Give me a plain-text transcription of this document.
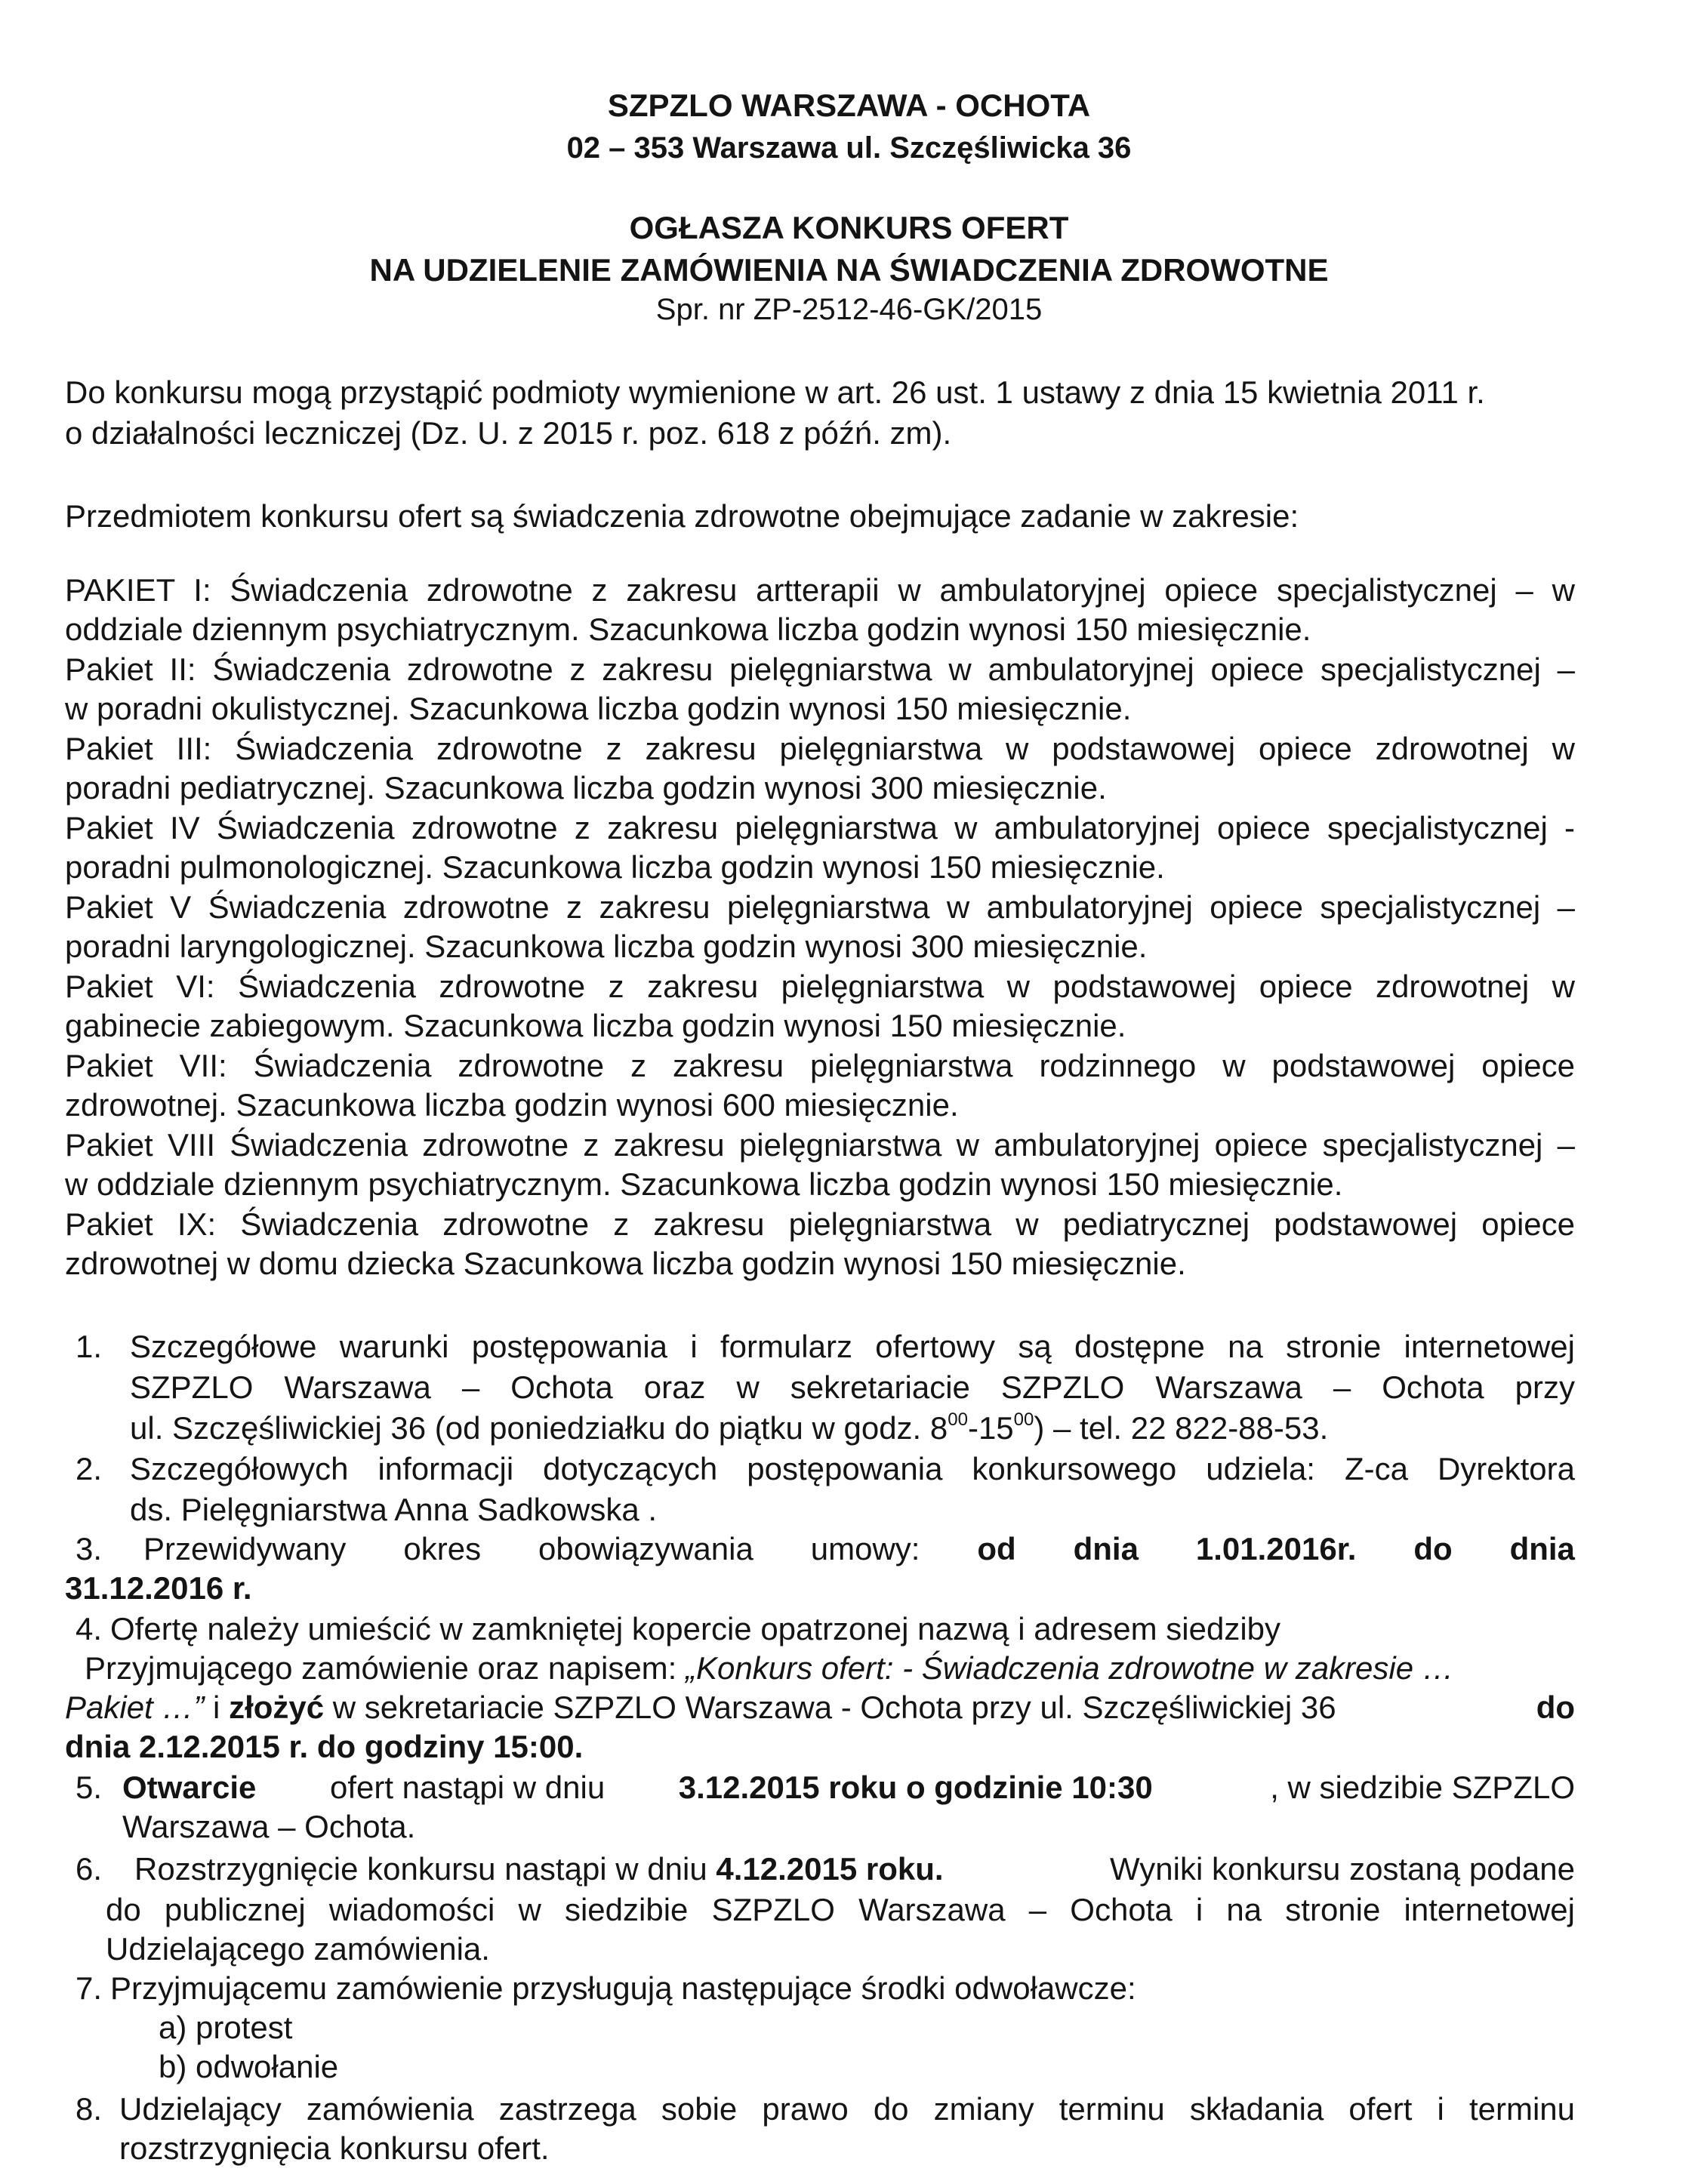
SZPZLO WARSZAWA - OCHOTA
02 – 353 Warszawa ul. Szczęśliwicka 36
OGŁASZA KONKURS OFERT
NA UDZIELENIE ZAMÓWIENIA NA ŚWIADCZENIA ZDROWOTNE
Spr. nr ZP-2512-46-GK/2015
Do konkursu mogą przystąpić podmioty wymienione w art. 26 ust. 1 ustawy z dnia 15 kwietnia 2011 r.
o działalności leczniczej (Dz. U. z 2015 r. poz. 618 z późń. zm).
Przedmiotem konkursu ofert są świadczenia zdrowotne obejmujące zadanie w zakresie:
PAKIET I: Świadczenia zdrowotne z zakresu artterapii w ambulatoryjnej opiece specjalistycznej – w
oddziale dziennym psychiatrycznym. Szacunkowa liczba godzin wynosi 150 miesięcznie.
Pakiet II: Świadczenia zdrowotne z zakresu pielęgniarstwa w ambulatoryjnej opiece specjalistycznej –
w poradni okulistycznej. Szacunkowa liczba godzin wynosi 150 miesięcznie.
Pakiet III: Świadczenia zdrowotne z zakresu pielęgniarstwa w podstawowej opiece zdrowotnej w
poradni pediatrycznej. Szacunkowa liczba godzin wynosi 300 miesięcznie.
Pakiet IV Świadczenia zdrowotne z zakresu pielęgniarstwa w ambulatoryjnej opiece specjalistycznej -
poradni pulmonologicznej. Szacunkowa liczba godzin wynosi 150 miesięcznie.
Pakiet V Świadczenia zdrowotne z zakresu pielęgniarstwa w ambulatoryjnej opiece specjalistycznej –
poradni laryngologicznej. Szacunkowa liczba godzin wynosi 300 miesięcznie.
Pakiet VI: Świadczenia zdrowotne z zakresu pielęgniarstwa w podstawowej opiece zdrowotnej w
gabinecie zabiegowym. Szacunkowa liczba godzin wynosi 150 miesięcznie.
Pakiet VII: Świadczenia zdrowotne z zakresu pielęgniarstwa rodzinnego w podstawowej opiece
zdrowotnej. Szacunkowa liczba godzin wynosi 600 miesięcznie.
Pakiet VIII Świadczenia zdrowotne z zakresu pielęgniarstwa w ambulatoryjnej opiece specjalistycznej –
w oddziale dziennym psychiatrycznym. Szacunkowa liczba godzin wynosi 150 miesięcznie.
Pakiet IX: Świadczenia zdrowotne z zakresu pielęgniarstwa w pediatrycznej podstawowej opiece
zdrowotnej w domu dziecka Szacunkowa liczba godzin wynosi 150 miesięcznie.
1. Szczegółowe warunki postępowania i formularz ofertowy są dostępne na stronie internetowej
SZPZLO Warszawa – Ochota oraz w sekretariacie SZPZLO Warszawa – Ochota przy
ul. Szczęśliwickiej 36 (od poniedziałku do piątku w godz. $8^{00}-15^{00}$) – tel. 22 822-88-53.
2. Szczegółowych informacji dotyczących postępowania konkursowego udziela: Z-ca Dyrektora
ds. Pielęgniarstwa Anna Sadkowska .
3. Przewidywany okres obowiązywania umowy: od dnia 1.01.2016r. do dnia
31.12.2016 r.
4. Ofertę należy umieścić w zamkniętej kopercie opatrzonej nazwą i adresem siedziby
Przyjmującego zamówienie oraz napisem: „Konkurs ofert: - Świadczenia zdrowotne w zakresie …
Pakiet …” i złożyć w sekretariacie SZPZLO Warszawa - Ochota przy ul. Szczęśliwickiej 36	do
dnia 2.12.2015 r. do godziny 15:00.
5. Otwarcie	ofert nastąpi w dniu	3.12.2015 roku o godzinie 10:30	, w siedzibie SZPZLO
Warszawa – Ochota.
6. Rozstrzygnięcie konkursu nastąpi w dniu 4.12.2015 roku.	Wyniki konkursu zostaną podane
do publicznej wiadomości w siedzibie SZPZLO Warszawa – Ochota i na stronie internetowej
Udzielającego zamówienia.
7. Przyjmującemu zamówienie przysługują następujące środki odwoławcze:
a) protest
b) odwołanie
8. Udzielający zamówienia zastrzega sobie prawo do zmiany terminu składania ofert i terminu
rozstrzygnięcia konkursu ofert.
